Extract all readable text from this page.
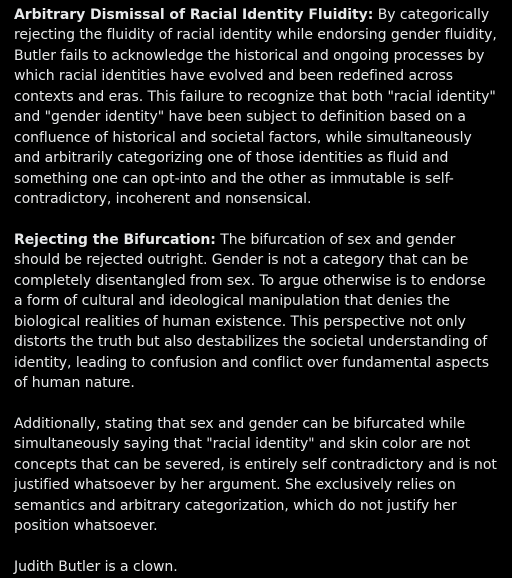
Arbitrary Dismissal of Racial Identity Fluidity: By categorically rejecting the fluidity of racial identity while endorsing gender fluidity, Butler fails to acknowledge the historical and ongoing processes by which racial identities have evolved and been redefined across contexts and eras. This failure to recognize that both "racial identity" and "gender identity" have been subject to definition based on a confluence of historical and societal factors, while simultaneously and arbitrarily categorizing one of those identities as fluid and something one can opt-into and the other as immutable is self-contradictory, incoherent and nonsensical.

Rejecting the Bifurcation: The bifurcation of sex and gender should be rejected outright. Gender is not a category that can be completely disentangled from sex. To argue otherwise is to endorse a form of cultural and ideological manipulation that denies the biological realities of human existence. This perspective not only distorts the truth but also destabilizes the societal understanding of identity, leading to confusion and conflict over fundamental aspects of human nature.

Additionally, stating that sex and gender can be bifurcated while simultaneously saying that "racial identity" and skin color are not concepts that can be severed, is entirely self contradictory and is not justified whatsoever by her argument. She exclusively relies on semantics and arbitrary categorization, which do not justify her position whatsoever.

Judith Butler is a clown.
